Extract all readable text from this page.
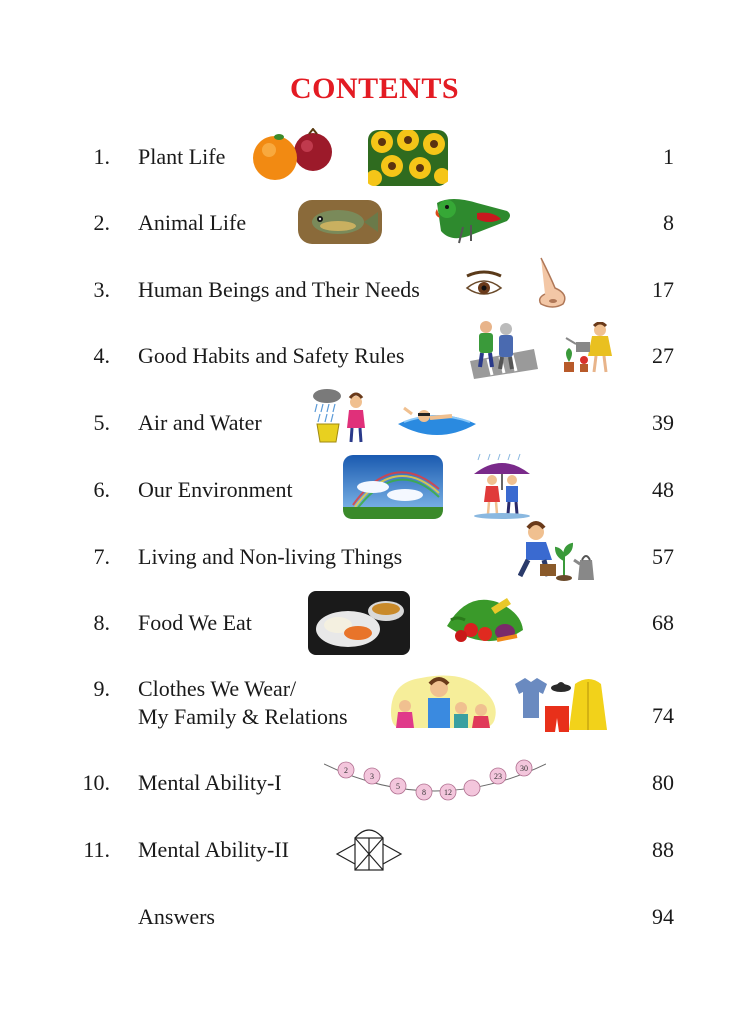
CONTENTS
1. Plant Life	1
2. Animal Life	8
3. Human Beings and Their Needs	17
4. Good Habits and Safety Rules	27
5. Air and Water	39
6. Our Environment	48
7. Living and Non-living Things	57
8. Food We Eat	68
9. Clothes We Wear/
My Family & Relations	74
10. Mental Ability-I	80
2
3
5
8 12
23
30
11. Mental Ability-II	88
Answers	94
